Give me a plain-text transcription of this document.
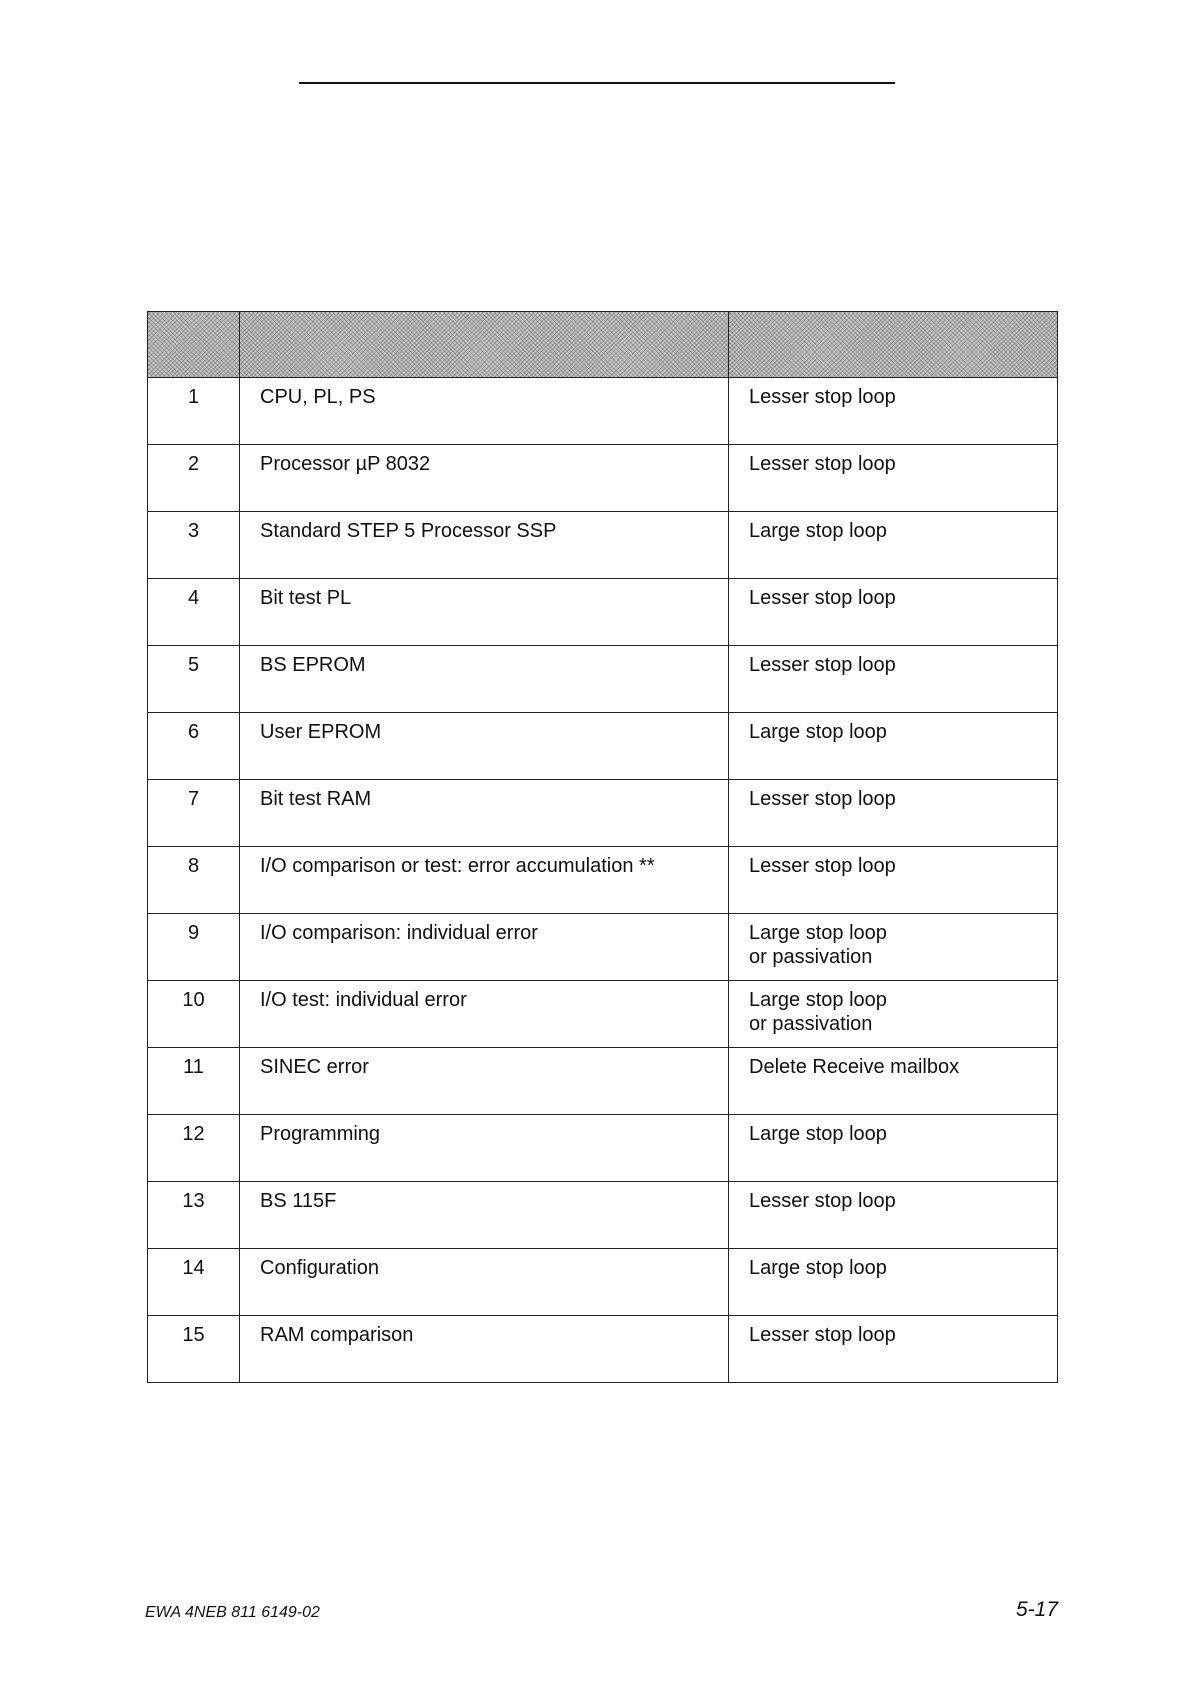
1	CPU, PL, PS	Lesser stop loop

2	Processor µP 8032	Lesser stop loop

3	Standard STEP 5 Processor SSP	Large stop loop

4	Bit test PL	Lesser stop loop

5	BS EPROM	Lesser stop loop

6	User EPROM	Large stop loop

7	Bit test RAM	Lesser stop loop

8	I/O comparison or test: error accumulation **	Lesser stop loop

9	I/O comparison: individual error	Large stop loop
or passivation

10	I/O test: individual error	Large stop loop
or passivation

11	SINEC error	Delete Receive mailbox

12	Programming	Large stop loop

13	BS 115F	Lesser stop loop

14	Configuration	Large stop loop

15	RAM comparison	Lesser stop loop
EWA 4NEB 811 6149-02	5-17
